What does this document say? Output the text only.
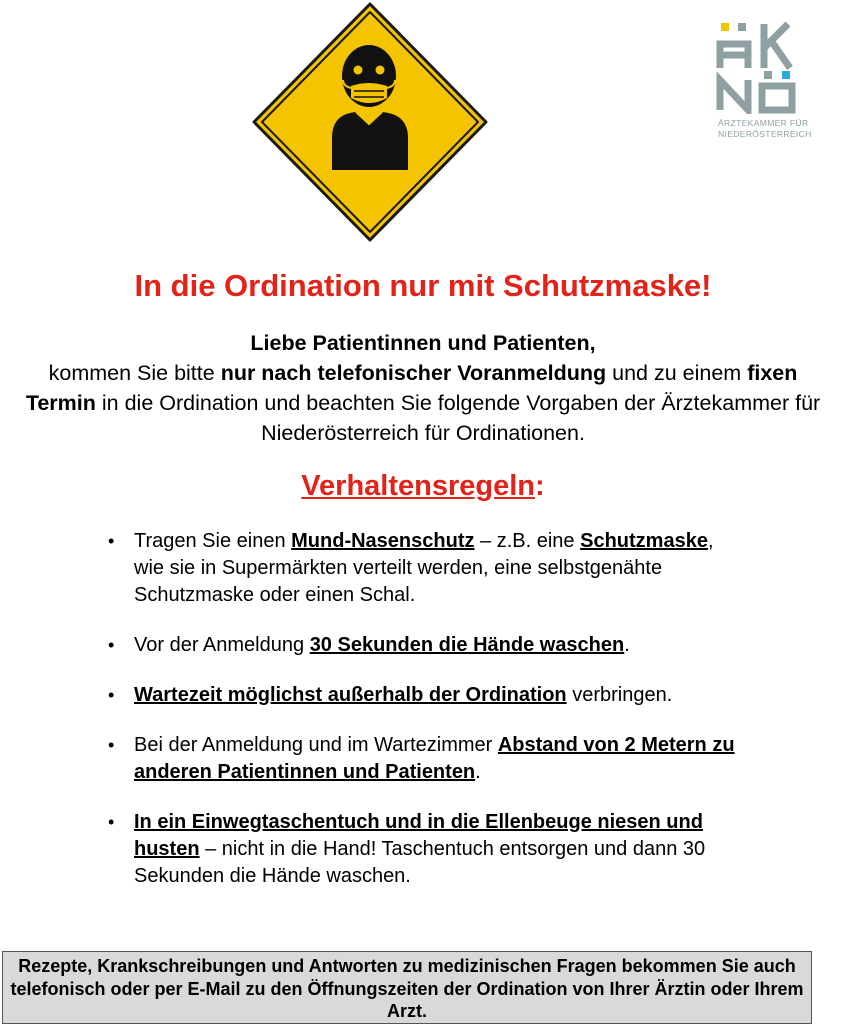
ÄRZTEKAMMER FÜR
NIEDERÖSTERREICH
In die Ordination nur mit Schutzmaske!
Liebe Patientinnen und Patienten,
kommen Sie bitte nur nach telefonischer Voranmeldung und zu einem fixen Termin in die Ordination und beachten Sie folgende Vorgaben der Ärztekammer für Niederösterreich für Ordinationen.
Verhaltensregeln:
• Tragen Sie einen Mund-Nasenschutz – z.B. eine Schutzmaske, wie sie in Supermärkten verteilt werden, eine selbstgenähte Schutzmaske oder einen Schal.
• Vor der Anmeldung 30 Sekunden die Hände waschen.
• Wartezeit möglichst außerhalb der Ordination verbringen.
• Bei der Anmeldung und im Wartezimmer Abstand von 2 Metern zu anderen Patientinnen und Patienten.
• In ein Einwegtaschentuch und in die Ellenbeuge niesen und husten – nicht in die Hand! Taschentuch entsorgen und dann 30 Sekunden die Hände waschen.
Rezepte, Krankschreibungen und Antworten zu medizinischen Fragen bekommen Sie auch telefonisch oder per E-Mail zu den Öffnungszeiten der Ordination von Ihrer Ärztin oder Ihrem Arzt.
